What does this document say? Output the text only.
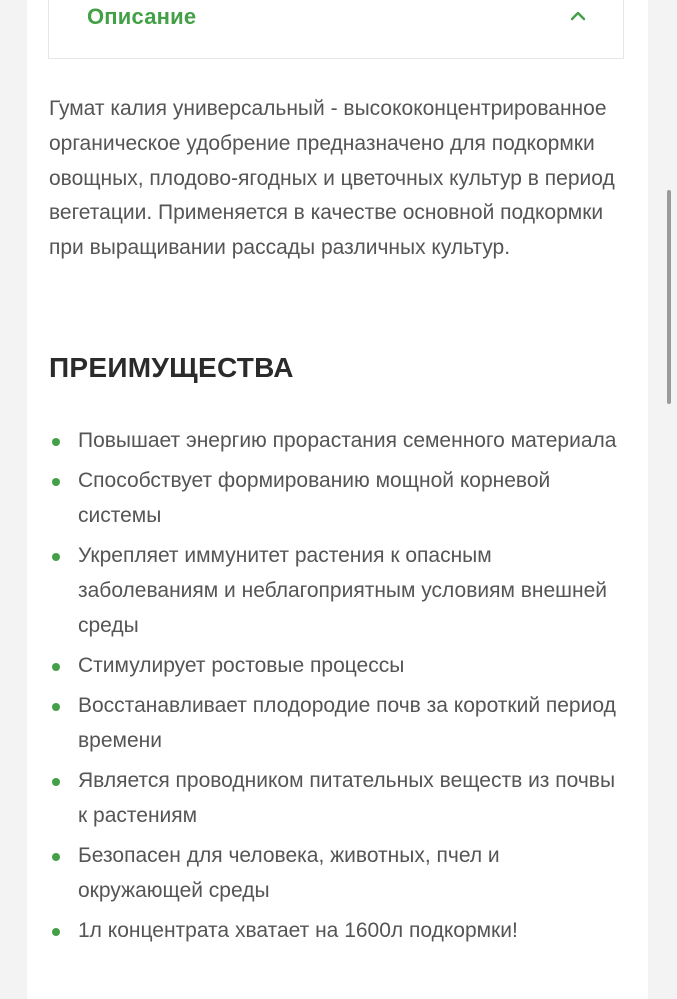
Описание

Гумат калия универсальный - высококонцентрированное органическое удобрение предназначено для подкормки овощных, плодово-ягодных и цветочных культур в период вегетации. Применяется в качестве основной подкормки при выращивании рассады различных культур.

ПРЕИМУЩЕСТВА
Повышает энергию прорастания семенного материала
Способствует формированию мощной корневой системы
Укрепляет иммунитет растения к опасным заболеваниям и неблагоприятным условиям внешней среды
Стимулирует ростовые процессы
Восстанавливает плодородие почв за короткий период времени
Является проводником питательных веществ из почвы к растениям
Безопасен для человека, животных, пчел и окружающей среды
1л концентрата хватает на 1600л подкормки!
